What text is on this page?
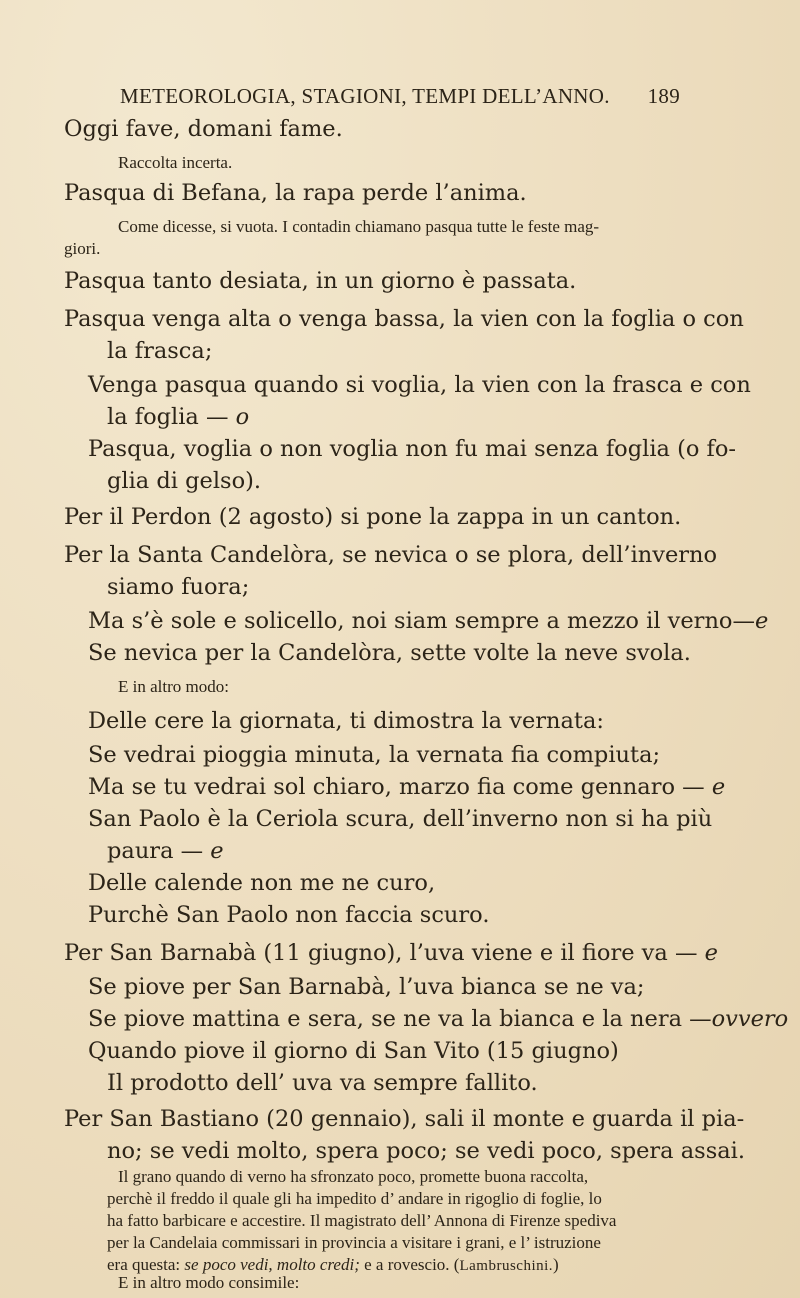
METEOROLOGIA, STAGIONI, TEMPI DELL’ANNO. 189
Oggi fave, domani fame.
Raccolta incerta.
Pasqua di Befana, la rapa perde l’anima.
Come dicesse, si vuota. I contadin chiamano pasqua tutte le feste mag-
giori.
Pasqua tanto desiata, in un giorno è passata.
Pasqua venga alta o venga bassa, la vien con la foglia o con
la frasca;
Venga pasqua quando si voglia, la vien con la frasca e con
la foglia — o
Pasqua, voglia o non voglia non fu mai senza foglia (o fo-
glia di gelso).
Per il Perdon (2 agosto) si pone la zappa in un canton.
Per la Santa Candelòra, se nevica o se plora, dell’inverno
siamo fuora;
Ma s’è sole e solicello, noi siam sempre a mezzo il verno—e
Se nevica per la Candelòra, sette volte la neve svola.
E in altro modo:
Delle cere la giornata, ti dimostra la vernata:
Se vedrai pioggia minuta, la vernata fia compiuta;
Ma se tu vedrai sol chiaro, marzo fia come gennaro — e
San Paolo è la Ceriola scura, dell’inverno non si ha più
paura — e
Delle calende non me ne curo,
Purchè San Paolo non faccia scuro.
Per San Barnabà (11 giugno), l’uva viene e il fiore va — e
Se piove per San Barnabà, l’uva bianca se ne va;
Se piove mattina e sera, se ne va la bianca e la nera —ovvero
Quando piove il giorno di San Vito (15 giugno)
Il prodotto dell’ uva va sempre fallito.
Per San Bastiano (20 gennaio), sali il monte e guarda il pia-
no; se vedi molto, spera poco; se vedi poco, spera assai.
Il grano quando di verno ha sfronzato poco, promette buona raccolta,
perchè il freddo il quale gli ha impedito d’ andare in rigoglio di foglie, lo
ha fatto barbicare e accestire. Il magistrato dell’ Annona di Firenze spediva
per la Candelaia commissari in provincia a visitare i grani, e l’ istruzione
era questa: se poco vedi, molto credi; e a rovescio. (Lambruschini.)
E in altro modo consimile:
